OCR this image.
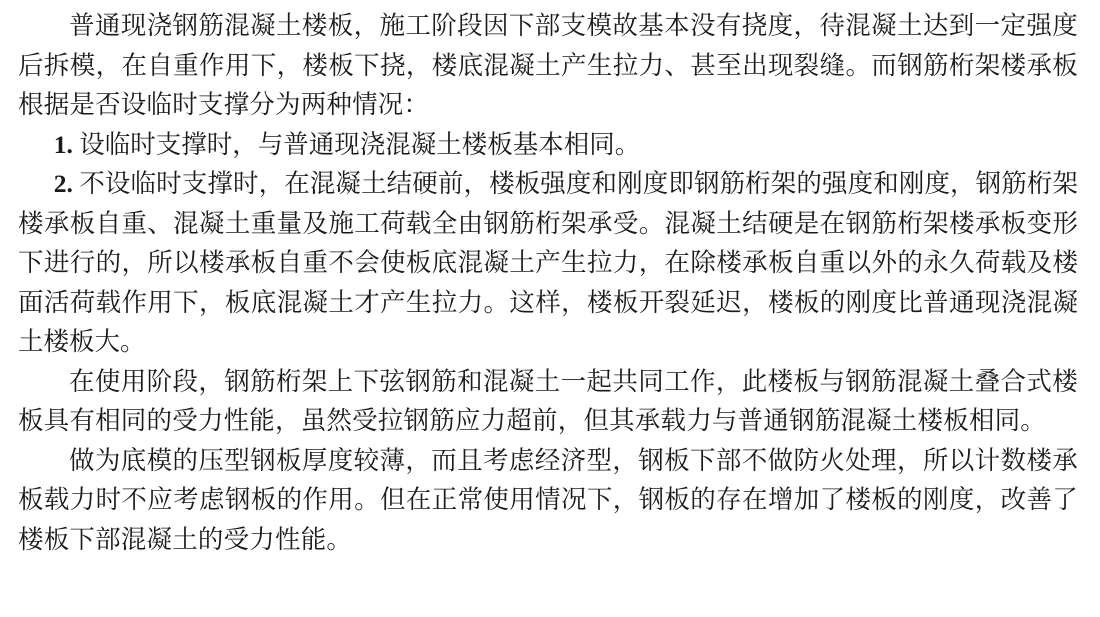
普通现浇钢筋混凝土楼板，施工阶段因下部支模故基本没有挠度，待混凝土达到一定强度后拆模，在自重作用下，楼板下挠，楼底混凝土产生拉力、甚至出现裂缝。而钢筋桁架楼承板根据是否设临时支撑分为两种情况：

1. 设临时支撑时，与普通现浇混凝土楼板基本相同。
2. 不设临时支撑时，在混凝土结硬前，楼板强度和刚度即钢筋桁架的强度和刚度，钢筋桁架楼承板自重、混凝土重量及施工荷载全由钢筋桁架承受。混凝土结硬是在钢筋桁架楼承板变形下进行的，所以楼承板自重不会使板底混凝土产生拉力，在除楼承板自重以外的永久荷载及楼面活荷载作用下，板底混凝土才产生拉力。这样，楼板开裂延迟，楼板的刚度比普通现浇混凝土楼板大。

在使用阶段，钢筋桁架上下弦钢筋和混凝土一起共同工作，此楼板与钢筋混凝土叠合式楼板具有相同的受力性能，虽然受拉钢筋应力超前，但其承载力与普通钢筋混凝土楼板相同。

做为底模的压型钢板厚度较薄，而且考虑经济型，钢板下部不做防火处理，所以计数楼承板载力时不应考虑钢板的作用。但在正常使用情况下，钢板的存在增加了楼板的刚度，改善了楼板下部混凝土的受力性能。
